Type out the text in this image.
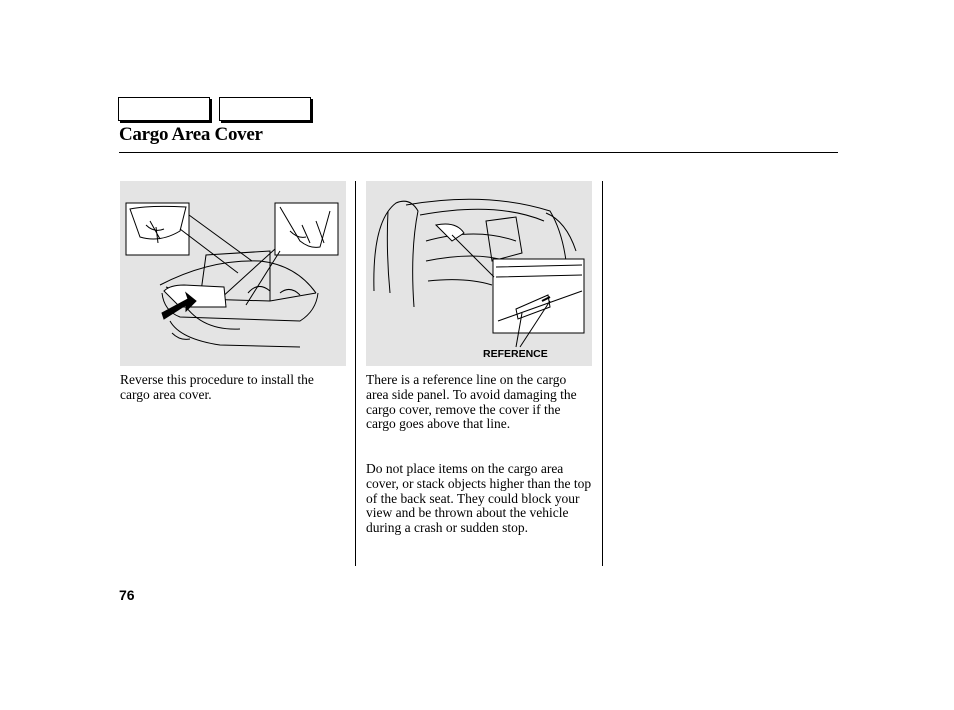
Cargo Area Cover
REFERENCE

Reverse this procedure to install the cargo area cover.

There is a reference line on the cargo area side panel. To avoid damaging the cargo cover, remove the cover if the cargo goes above that line.

Do not place items on the cargo area cover, or stack objects higher than the top of the back seat. They could block your view and be thrown about the vehicle during a crash or sudden stop.

76
